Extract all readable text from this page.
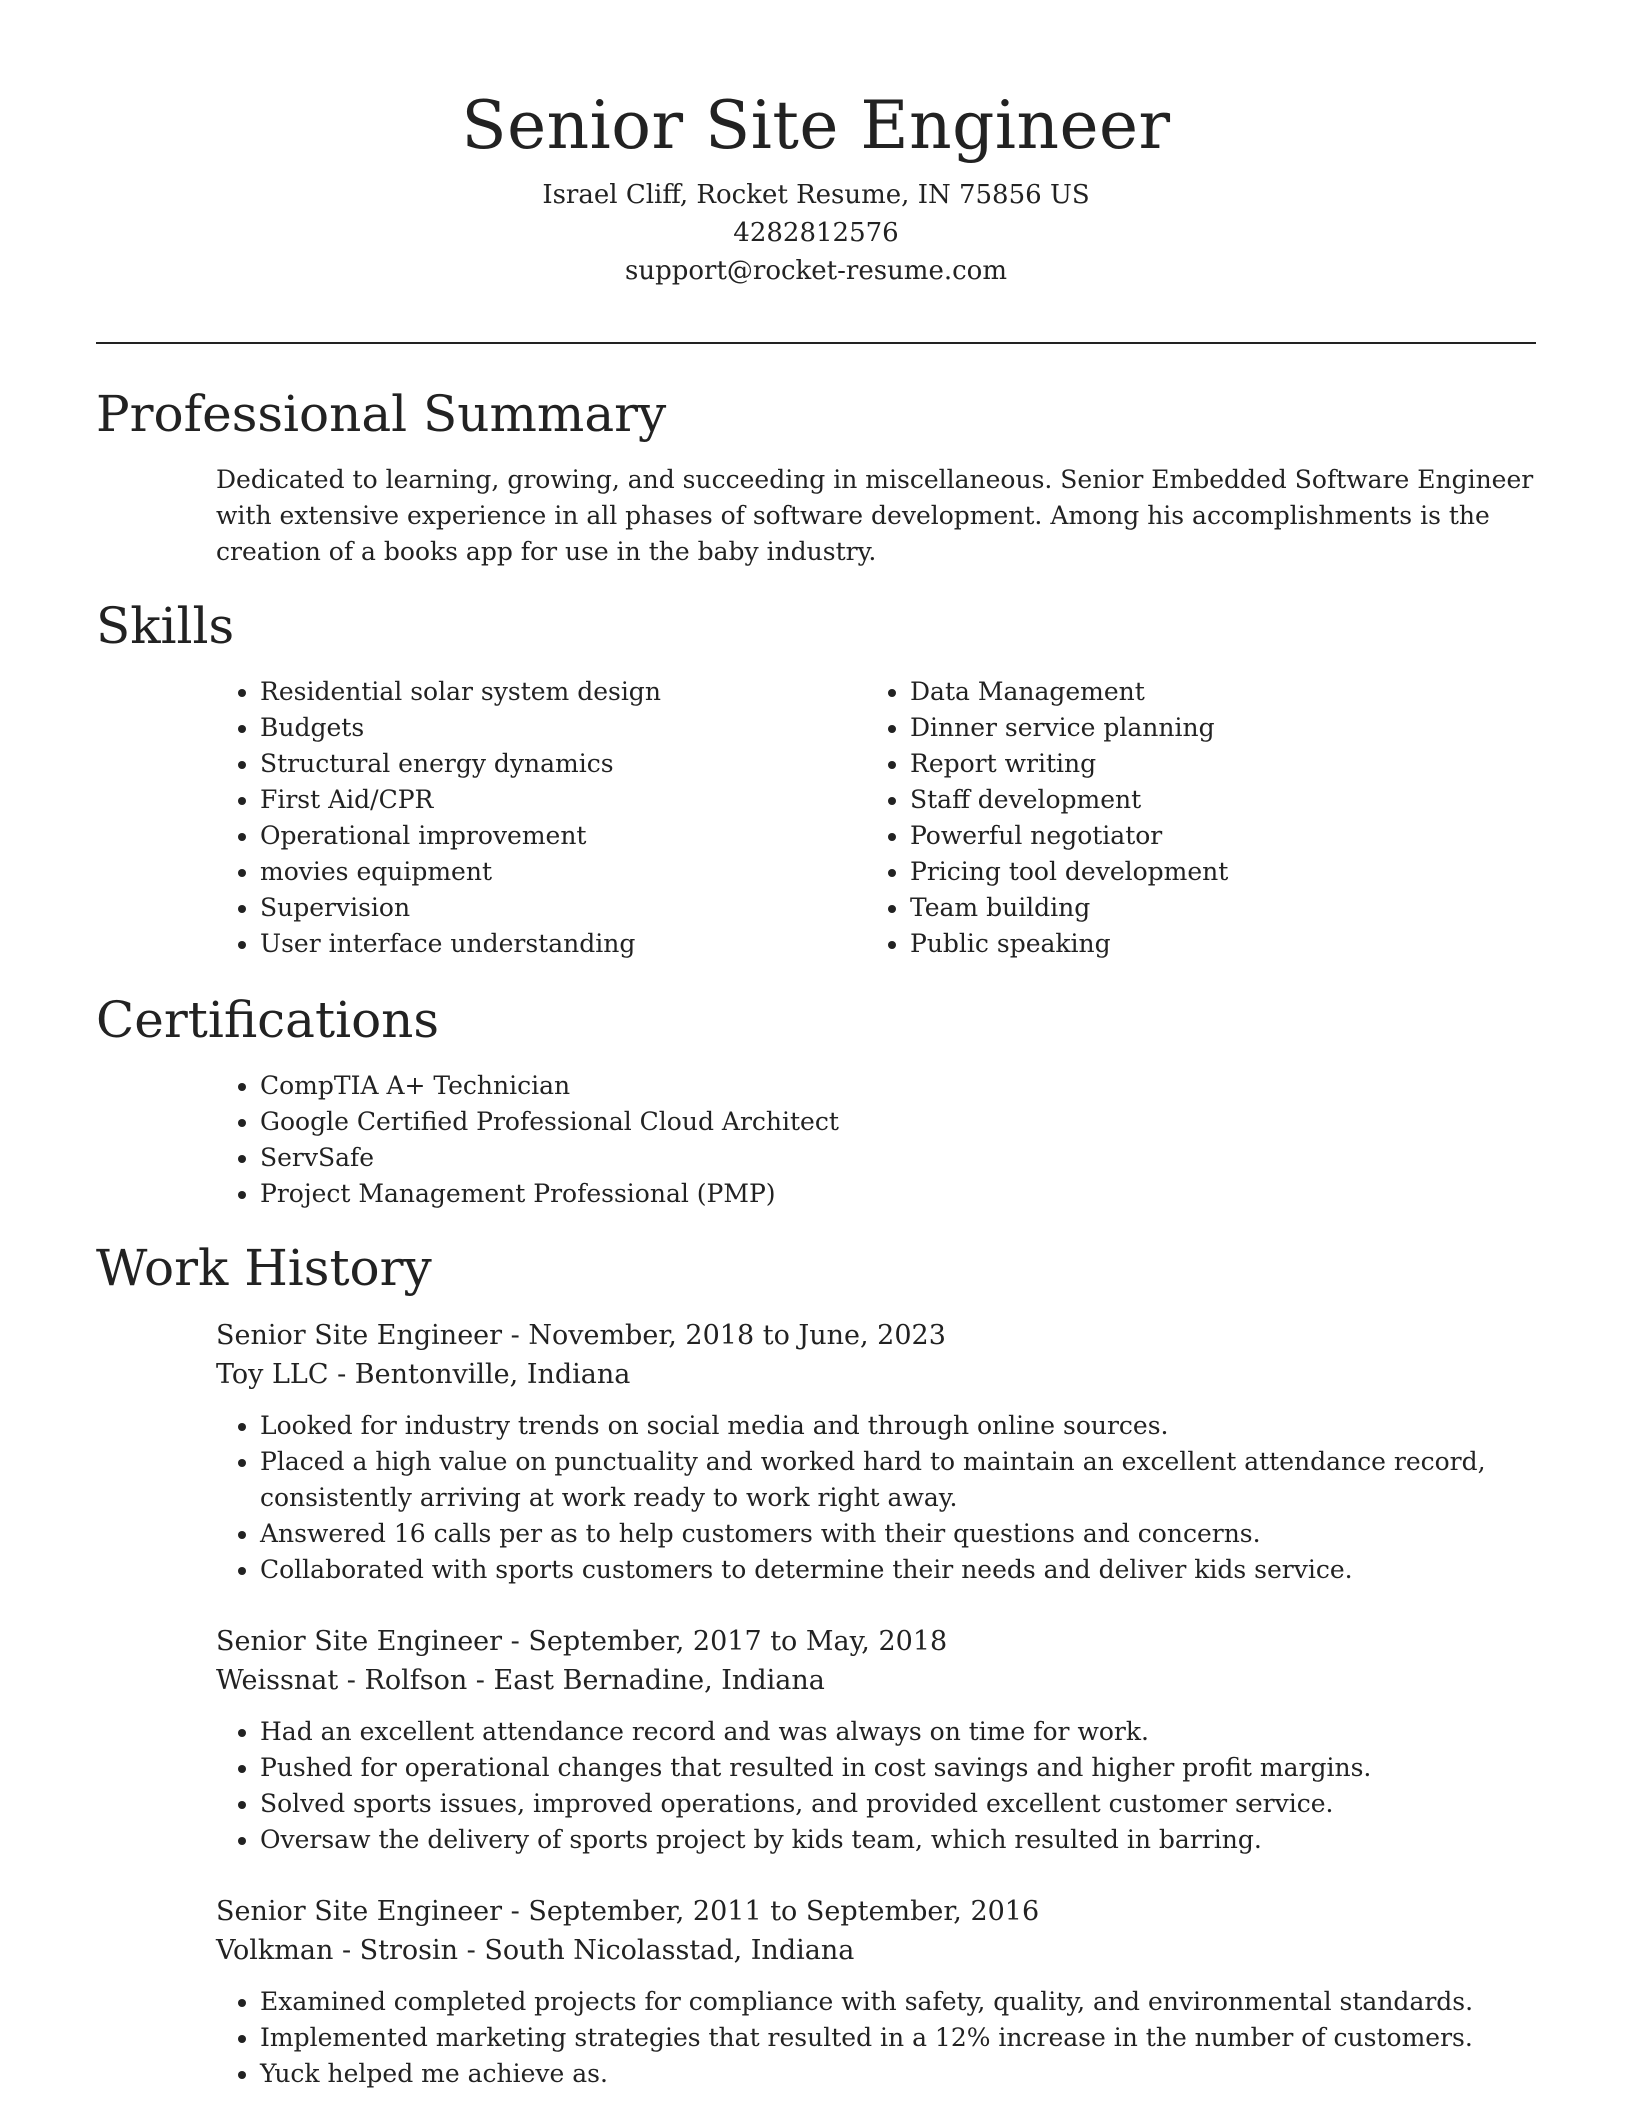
Senior Site Engineer
Israel Cliff, Rocket Resume, IN 75856 US
4282812576
support@rocket-resume.com
Professional Summary

Dedicated to learning, growing, and succeeding in miscellaneous. Senior Embedded Software Engineer with extensive experience in all phases of software development. Among his accomplishments is the creation of a books app for use in the baby industry.

Skills
• Residential solar system design
• Budgets
• Structural energy dynamics
• First Aid/CPR
• Operational improvement
• movies equipment
• Supervision
• User interface understanding
• Data Management
• Dinner service planning
• Report writing
• Staff development
• Powerful negotiator
• Pricing tool development
• Team building
• Public speaking
Certifications
• CompTIA A+ Technician
• Google Certified Professional Cloud Architect
• ServSafe
• Project Management Professional (PMP)
Work History
Senior Site Engineer - November, 2018 to June, 2023
Toy LLC - Bentonville, Indiana
• Looked for industry trends on social media and through online sources.
• Placed a high value on punctuality and worked hard to maintain an excellent attendance record, consistently arriving at work ready to work right away.
• Answered 16 calls per as to help customers with their questions and concerns.
• Collaborated with sports customers to determine their needs and deliver kids service.
Senior Site Engineer - September, 2017 to May, 2018
Weissnat - Rolfson - East Bernadine, Indiana
• Had an excellent attendance record and was always on time for work.
• Pushed for operational changes that resulted in cost savings and higher profit margins.
• Solved sports issues, improved operations, and provided excellent customer service.
• Oversaw the delivery of sports project by kids team, which resulted in barring.
Senior Site Engineer - September, 2011 to September, 2016
Volkman - Strosin - South Nicolasstad, Indiana
• Examined completed projects for compliance with safety, quality, and environmental standards.
• Implemented marketing strategies that resulted in a 12% increase in the number of customers.
• Yuck helped me achieve as.
